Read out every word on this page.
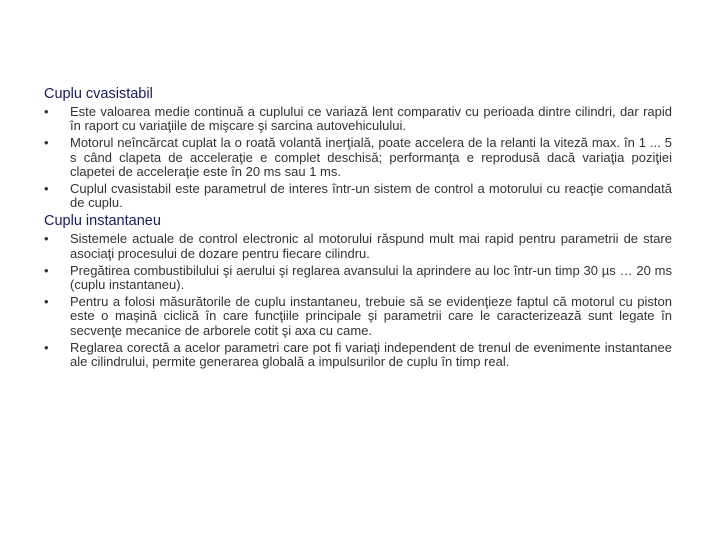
Cuplu cvasistabil
•	Este valoarea medie continuă a cuplului ce variază lent comparativ cu perioada dintre cilindri, dar rapid în raport cu variaţiile de mişcare şi sarcina autovehiculului.
•	Motorul neîncărcat cuplat la o roată volantă inerţială, poate accelera de la relanti la viteză max. în 1 ... 5 s când clapeta de acceleraţie e complet deschisă; performanţa e reprodusă dacă variaţia poziţiei clapetei de acceleraţie este în 20 ms sau 1 ms.
•	Cuplul cvasistabil este parametrul de interes într-un sistem de control a motorului cu reacţie comandată de cuplu.
Cuplu instantaneu
•	Sistemele actuale de control electronic al motorului răspund mult mai rapid pentru parametrii de stare asociaţi procesului de dozare pentru fiecare cilindru.
•	Pregătirea combustibilului şi aerului şi reglarea avansului la aprindere au loc într-un timp 30 µs … 20 ms (cuplu instantaneu).
•	Pentru a folosi măsurătorile de cuplu instantaneu, trebuie să se evidenţieze faptul că motorul cu piston este o maşină ciclică în care funcţiile principale şi parametrii care le caracterizează sunt legate în secvenţe mecanice de arborele cotit şi axa cu came.
•	Reglarea corectă a acelor parametri care pot fi variaţi independent de trenul de evenimente instantanee ale cilindrului, permite generarea globală a impulsurilor de cuplu în timp real.
